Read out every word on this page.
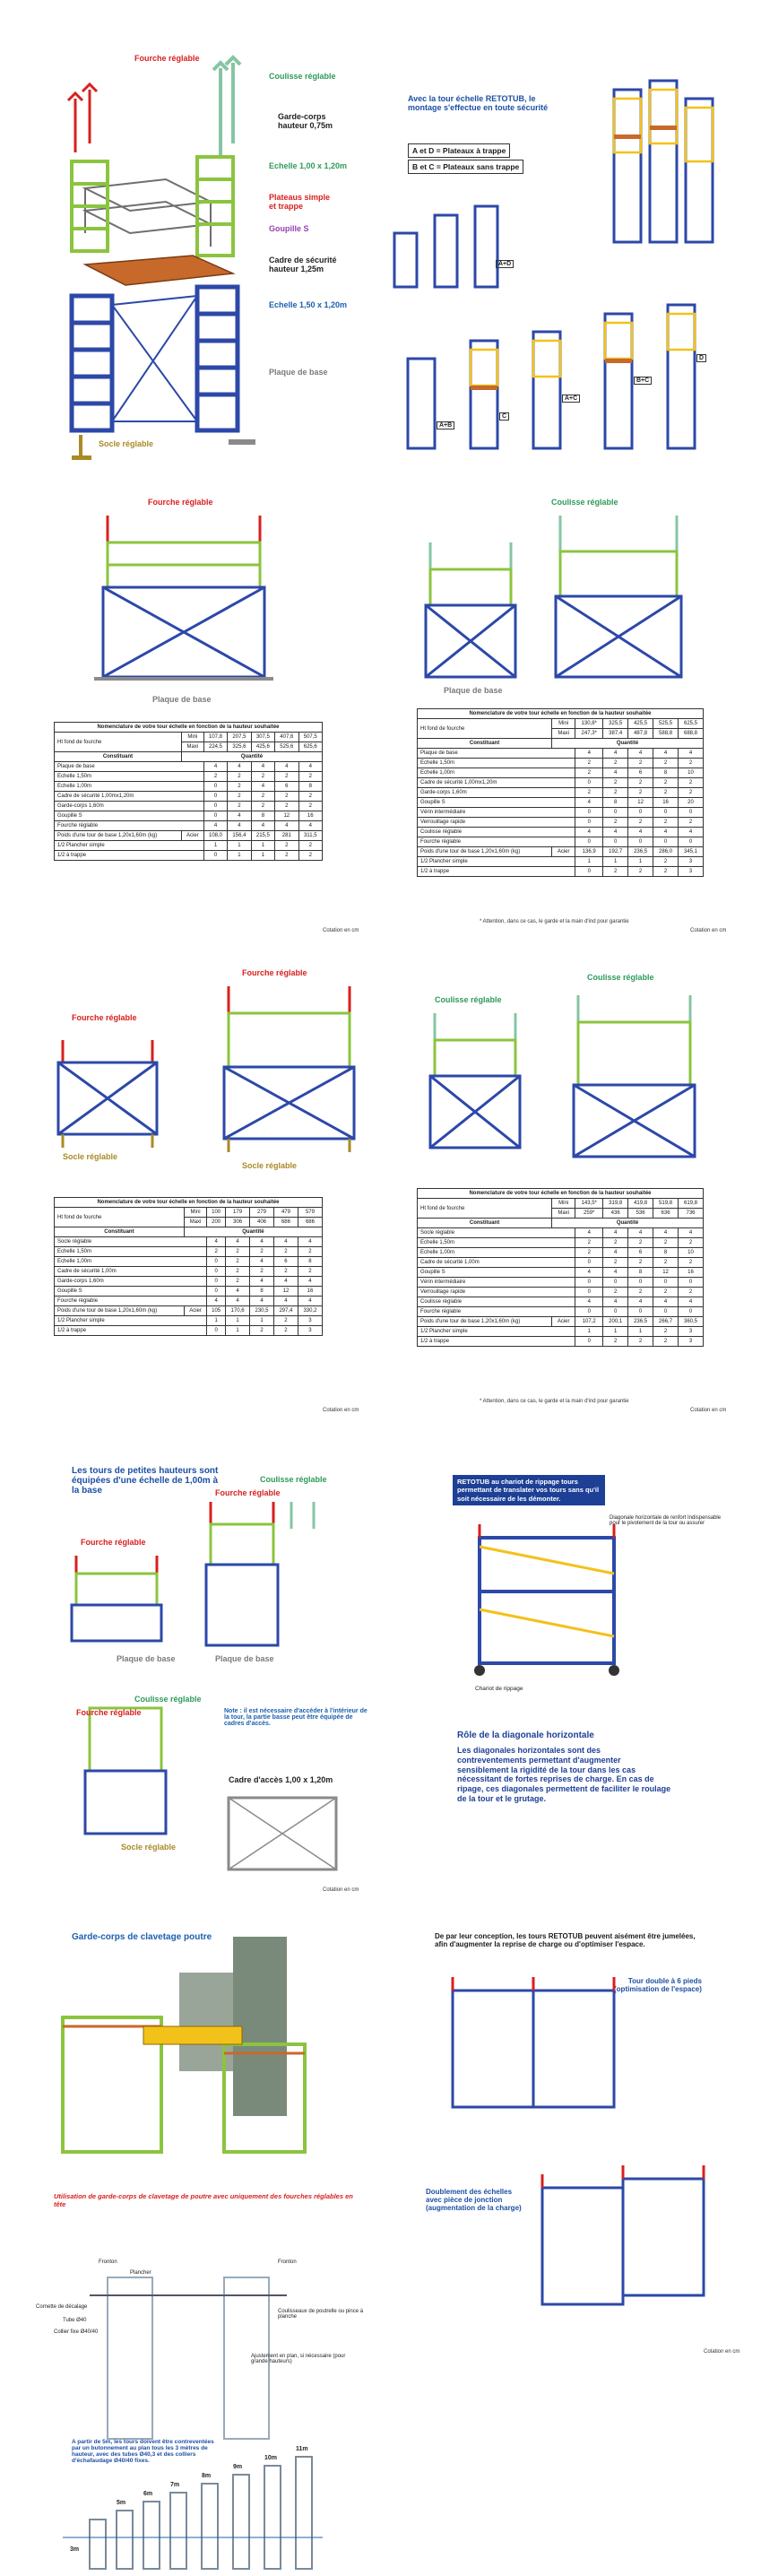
Fourche réglable
Coulisse réglable
Garde-corps
hauteur 0,75m
Echelle 1,00 x 1,20m
Plateaus simple
et trappe
Goupille S
Cadre de sécurité
hauteur 1,25m
Echelle 1,50 x 1,20m
Plaque de base
Socle réglable
Avec la tour échelle RETOTUB, le montage s'effectue en toute sécurité
A et D = Plateaux à trappe
B et C = Plateaux sans trappe
A+D
A+B
C
A+C
B+C
D
Fourche réglable
Plaque de base
Nomenclature de votre tour échelle en fonction de la hauteur souhaitée						
Ht fond de fourche	Mini	107,8	207,5	307,5	407,6	507,5
	Maxi	224,5	325,6	425,6	525,6	625,6
Constituant	Quantité					
Plaque de base		4	4	4	4	4
Echelle 1,50m		2	2	2	2	2
Echelle 1,00m		0	2	4	6	8
Cadre de sécurité 1,00mx1,20m		0	2	2	2	2
Garde-corps 1,60m		0	2	2	2	2
Goupille S		0	4	8	12	16
Fourche réglable		4	4	4	4	4
Poids d'une tour de base 1,20x1,60m (kg)	Acier	108,0	156,4	215,5	281	311,5
1/2 Plancher simple		1	1	1	2	2
1/2 à trappe		0	1	1	2	2
Cotation en cm
Coulisse réglable
Plaque de base
Nomenclature de votre tour échelle en fonction de la hauteur souhaitée						
Ht fond de fourche	Mini	130,8*	325,5	425,5	525,5	625,5
	Maxi	247,3*	387,4	487,8	588,8	688,8
Constituant	Quantité					
Plaque de base		4	4	4	4	4
Echelle 1,50m		2	2	2	2	2
Echelle 1,00m		2	4	6	8	10
Cadre de sécurité 1,00mx1,20m		0	2	2	2	2
Garde-corps 1,60m		2	2	2	2	2
Goupille S		4	8	12	16	20
Vérin intermédiaire		0	0	0	0	0
Verrouillage rapide		0	2	2	2	2
Coulisse réglable		4	4	4	4	4
Fourche réglable		0	0	0	0	0
Poids d'une tour de base 1,20x1,60m (kg)	Acier	136,9	192,7	236,5	286,0	345,1
1/2 Plancher simple		1	1	1	2	3
1/2 à trappe		0	2	2	2	3
* Attention, dans ce cas, le garde et la main d'ind pour garantie
Cotation en cm
Fourche réglable
Fourche réglable
Socle réglable
Socle réglable
Nomenclature de votre tour échelle en fonction de la hauteur souhaitée						
Ht fond de fourche	Mini	100	179	279	479	579
	Maxi	200	306	406	686	686
Constituant	Quantité					
Socle réglable		4	4	4	4	4
Echelle 1,50m		2	2	2	2	2
Echelle 1,00m		0	2	4	6	8
Cadre de sécurité 1,00m		0	2	2	2	2
Garde-corps 1,60m		0	2	4	4	4
Goupille S		0	4	8	12	16
Fourche réglable		4	4	4	4	4
Poids d'une tour de base 1,20x1,60m (kg)	Acier	105	170,6	230,5	297,4	330,2
1/2 Plancher simple		1	1	1	2	3
1/2 à trappe		0	1	2	2	3
Cotation en cm
Coulisse réglable
Coulisse réglable
Nomenclature de votre tour échelle en fonction de la hauteur souhaitée						
Ht fond de fourche	Mini	143,5*	319,8	419,8	519,8	619,8
	Maxi	259*	436	536	636	736
Constituant	Quantité					
Socle réglable		4	4	4	4	4
Echelle 1,50m		2	2	2	2	2
Echelle 1,00m		2	4	6	8	10
Cadre de sécurité 1,00m		0	2	2	2	2
Goupille S		4	4	8	12	16
Vérin intermédiaire		0	0	0	0	0
Verrouillage rapide		0	2	2	2	2
Coulisse réglable		4	4	4	4	4
Fourche réglable		0	0	0	0	0
Poids d'une tour de base 1,20x1,60m (kg)	Acier	107,2	200,1	236,5	266,7	360,5
1/2 Plancher simple		1	1	1	2	3
1/2 à trappe		0	2	2	2	3
* Attention, dans ce cas, le garde et la main d'ind pour garantie
Cotation en cm
Les tours de petites hauteurs sont équipées d'une échelle de 1,00m à la base
Coulisse réglable
Fourche réglable
Fourche réglable
Plaque de base	Plaque de base
Coulisse réglable
Fourche réglable	Note : il est nécessaire d'accéder à l'intérieur de la tour, la partie basse peut être équipée de cadres d'accès.
Cadre d'accès 1,00 x 1,20m
Socle réglable
Cotation en cm
RETOTUB au chariot de rippage tours permettant de translater vos tours sans qu'il soit nécessaire de les démonter.
Diagonale horizontale de renfort Indispensable pour le pivotement de la tour ou assurer
Chariot de rippage
Rôle de la diagonale horizontale
Les diagonales horizontales sont des contreventements permettant d'augmenter sensiblement la rigidité de la tour dans les cas nécessitant de fortes reprises de charge. En cas de ripage, ces diagonales permettent de faciliter le roulage de la tour et le grutage.
Garde-corps de clavetage poutre
Utilisation de garde-corps de clavetage de poutre avec uniquement des fourches réglables en tête
De par leur conception, les tours RETOTUB peuvent aisément être jumelées, afin d'augmenter la reprise de charge ou d'optimiser l'espace.
Tour double à 6 pieds
(optimisation de l'espace)
Doublement des échelles
avec pièce de jonction
(augmentation de la charge)
Cotation en cm
Fronton
Plancher
Tube Ø40
Collier fixe Ø40/40
Cornette de décalage
Coulisseaux de poutrelle ou pince à planche
Ajustement en plan, si nécessaire (pour grande hauteurs)
Fronton
A partir de 5m, les tours doivent être contreventées par un butonnement au plan tous les 3 mètres de hauteur, avec des tubes Ø40,3 et des colliers d'échafaudage Ø40/40 fixes.
3m
5m
6m
7m
8m
9m
10m
11m
